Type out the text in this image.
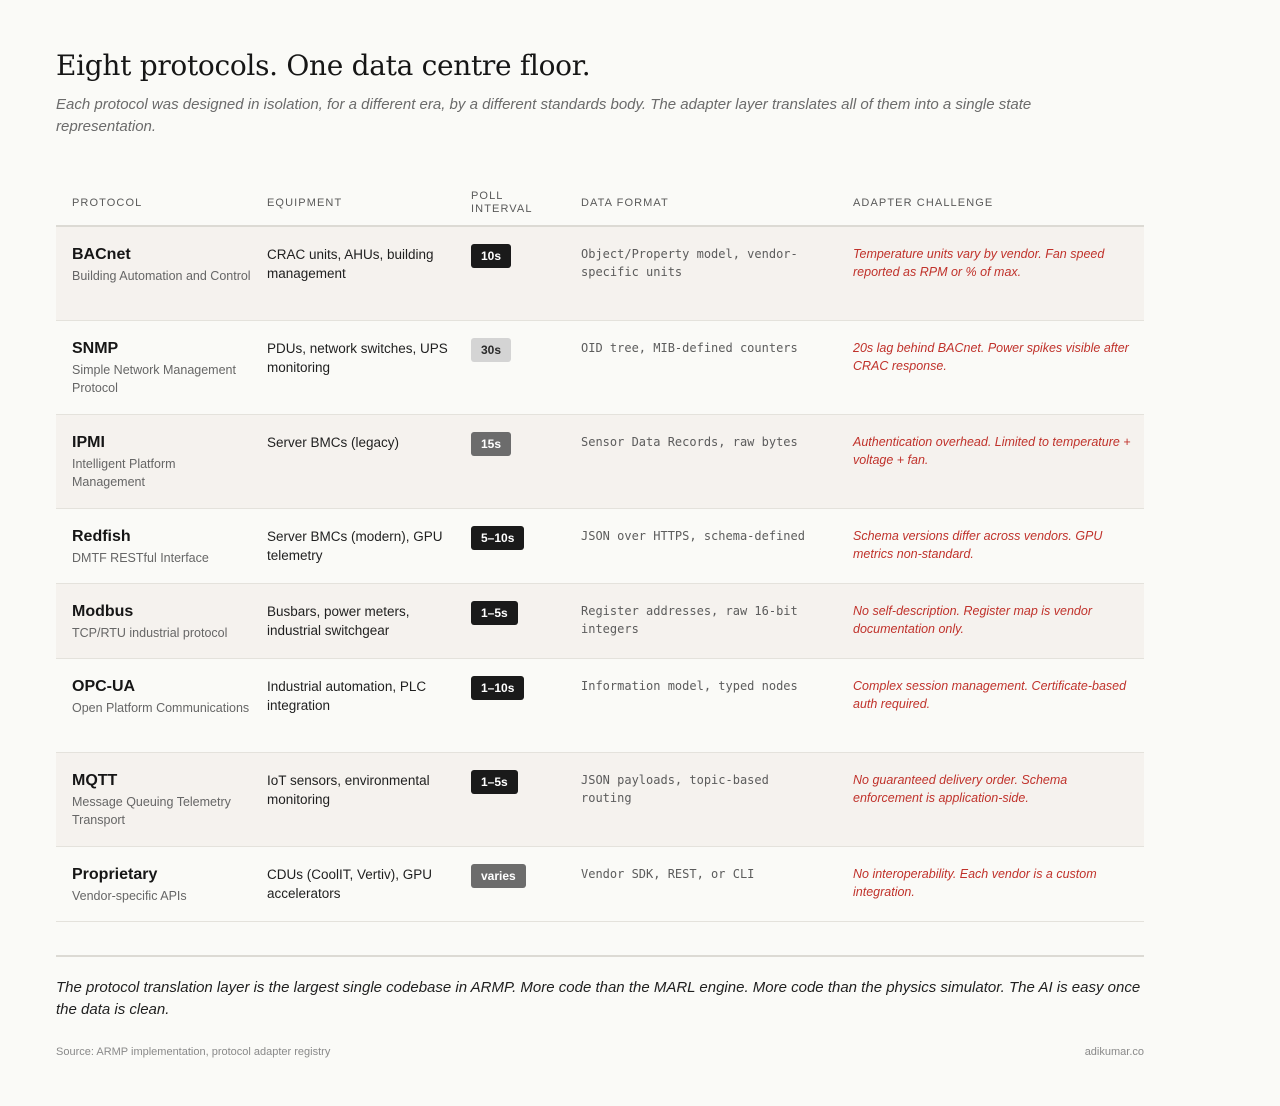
Eight protocols. One data centre floor.

Each protocol was designed in isolation, for a different era, by a different standards body. The adapter layer translates all of them into a single state representation.

PROTOCOL	EQUIPMENT	POLL INTERVAL	DATA FORMAT	ADAPTER CHALLENGE

BACnet
Building Automation and Control	CRAC units, AHUs, building management	10s	Object/Property model, vendor-specific units	Temperature units vary by vendor. Fan speed reported as RPM or % of max.

SNMP
Simple Network Management Protocol	PDUs, network switches, UPS monitoring	30s	OID tree, MIB-defined counters	20s lag behind BACnet. Power spikes visible after CRAC response.

IPMI
Intelligent Platform Management	Server BMCs (legacy)	15s	Sensor Data Records, raw bytes	Authentication overhead. Limited to temperature + voltage + fan.

Redfish
DMTF RESTful Interface	Server BMCs (modern), GPU telemetry	5–10s	JSON over HTTPS, schema-defined	Schema versions differ across vendors. GPU metrics non-standard.

Modbus
TCP/RTU industrial protocol	Busbars, power meters, industrial switchgear	1–5s	Register addresses, raw 16-bit integers	No self-description. Register map is vendor documentation only.

OPC-UA
Open Platform Communications	Industrial automation, PLC integration	1–10s	Information model, typed nodes	Complex session management. Certificate-based auth required.

MQTT
Message Queuing Telemetry Transport	IoT sensors, environmental monitoring	1–5s	JSON payloads, topic-based routing	No guaranteed delivery order. Schema enforcement is application-side.

Proprietary
Vendor-specific APIs	CDUs (CoolIT, Vertiv), GPU accelerators	varies	Vendor SDK, REST, or CLI	No interoperability. Each vendor is a custom integration.

The protocol translation layer is the largest single codebase in ARMP. More code than the MARL engine. More code than the physics simulator. The AI is easy once the data is clean.

Source: ARMP implementation, protocol adapter registry	adikumar.co
